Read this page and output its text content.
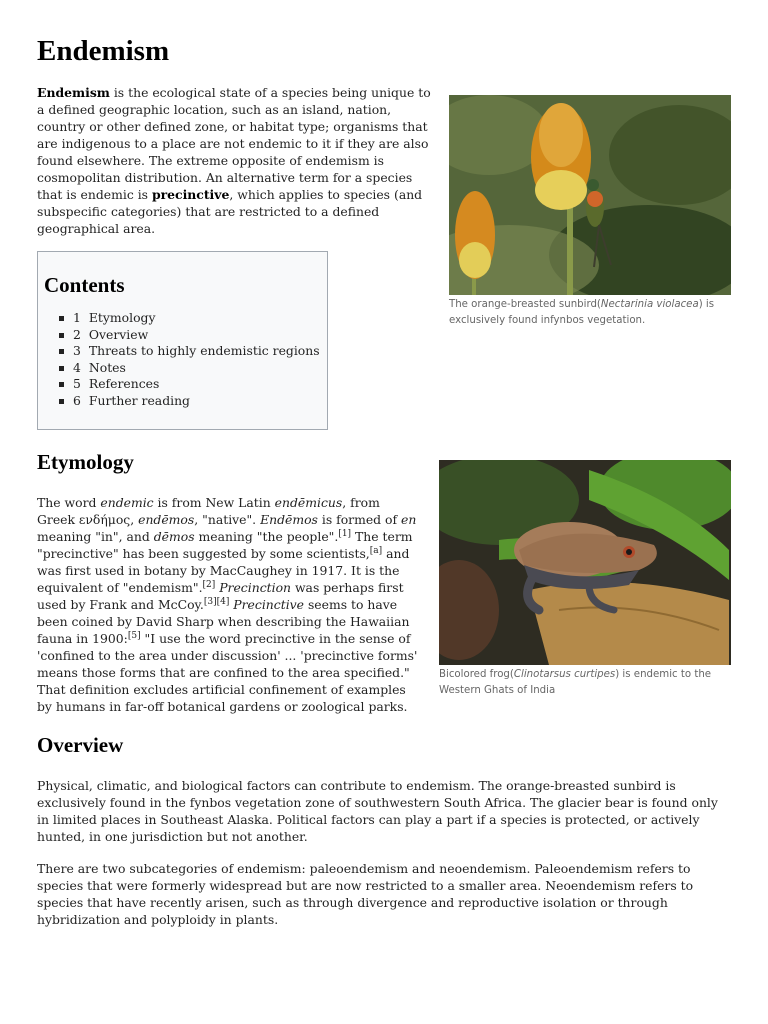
Endemism
The orange-breasted sunbird(Nectarinia violacea) is exclusively found infynbos vegetation.

Endemism is the ecological state of a species being unique to a defined geographic location, such as an island, nation, country or other defined zone, or habitat type; organisms that are indigenous to a place are not endemic to it if they are also found elsewhere. The extreme opposite of endemism is cosmopolitan distribution. An alternative term for a species that is endemic is precinctive, which applies to species (and subspecific categories) that are restricted to a defined geographical area.

Contents
1 Etymology
2 Overview
3 Threats to highly endemistic regions
4 Notes
5 References
6 Further reading
Bicolored frog(Clinotarsus curtipes) is endemic to the Western Ghats of India
Etymology

The word endemic is from New Latin endēmicus, from Greek ενδήμος, endēmos, "native". Endēmos is formed of en meaning "in", and dēmos meaning "the people".[1] The term "precinctive" has been suggested by some scientists,[a] and was first used in botany by MacCaughey in 1917. It is the equivalent of "endemism".[2] Precinction was perhaps first used by Frank and McCoy.[3][4] Precinctive seems to have been coined by David Sharp when describing the Hawaiian fauna in 1900:[5] "I use the word precinctive in the sense of 'confined to the area under discussion' ... 'precinctive forms' means those forms that are confined to the area specified." That definition excludes artificial confinement of examples by humans in far-off botanical gardens or zoological parks.

Overview

Physical, climatic, and biological factors can contribute to endemism. The orange-breasted sunbird is exclusively found in the fynbos vegetation zone of southwestern South Africa. The glacier bear is found only in limited places in Southeast Alaska. Political factors can play a part if a species is protected, or actively hunted, in one jurisdiction but not another.

There are two subcategories of endemism: paleoendemism and neoendemism. Paleoendemism refers to species that were formerly widespread but are now restricted to a smaller area. Neoendemism refers to species that have recently arisen, such as through divergence and reproductive isolation or through hybridization and polyploidy in plants.
